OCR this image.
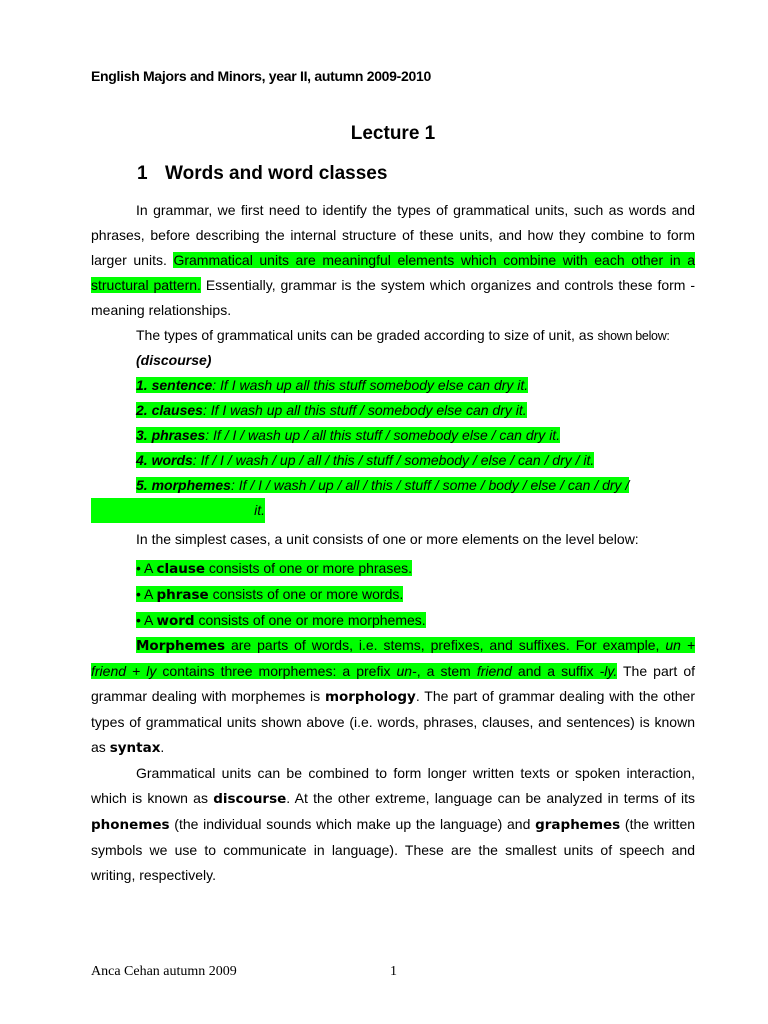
English Majors and Minors, year II, autumn 2009-2010
Lecture 1
1 Words and word classes

In grammar, we first need to identify the types of grammatical units, such as words and phrases, before describing the internal structure of these units, and how they combine to form larger units. Grammatical units are meaningful elements which combine with each other in a structural pattern. Essentially, grammar is the system which organizes and controls these form - meaning relationships.

The types of grammatical units can be graded according to size of unit, as shown below:

(discourse)
1. sentence: If I wash up all this stuff somebody else can dry it.
2. clauses: If I wash up all this stuff / somebody else can dry it.
3. phrases: If / I / wash up / all this stuff / somebody else / can dry it.
4. words: If / I / wash / up / all / this / stuff / somebody / else / can / dry / it.
5. morphemes: If / I / wash / up / all / this / stuff / some / body / else / can / dry /
it.

In the simplest cases, a unit consists of one or more elements on the level below:

• A clause consists of one or more phrases.
• A phrase consists of one or more words.
• A word consists of one or more morphemes.

Morphemes are parts of words, i.e. stems, prefixes, and suffixes. For example, un + friend + ly contains three morphemes: a prefix un-, a stem friend and a suffix -ly. The part of grammar dealing with morphemes is morphology. The part of grammar dealing with the other types of grammatical units shown above (i.e. words, phrases, clauses, and sentences) is known as syntax.

Grammatical units can be combined to form longer written texts or spoken interaction, which is known as discourse. At the other extreme, language can be analyzed in terms of its phonemes (the individual sounds which make up the language) and graphemes (the written symbols we use to communicate in language). These are the smallest units of speech and writing, respectively.

Anca Cehan autumn 2009	1
